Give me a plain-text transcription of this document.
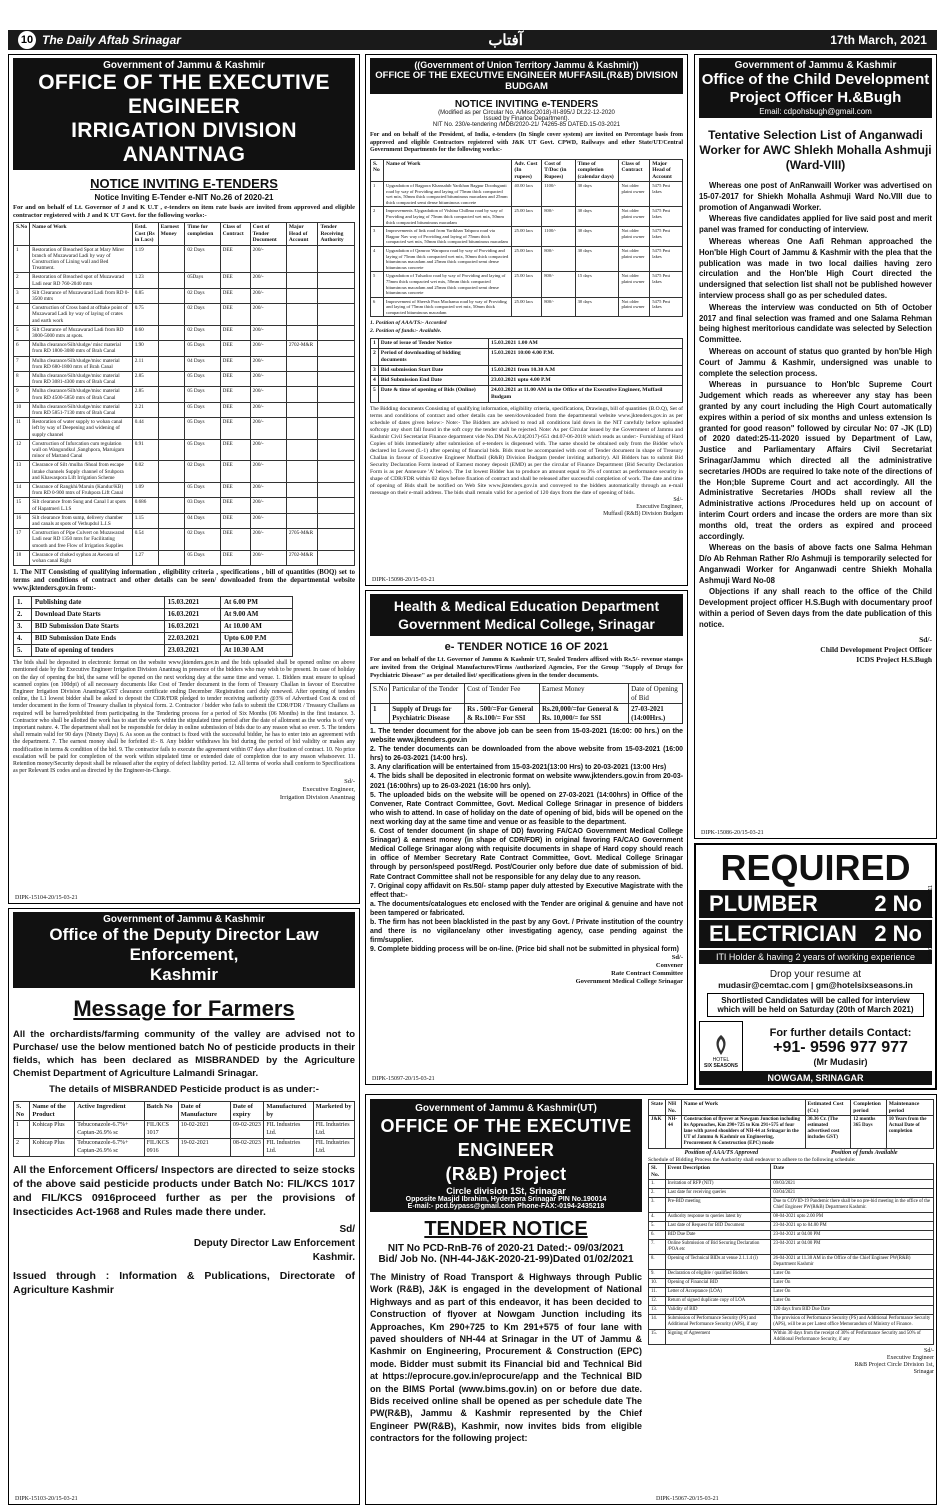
10 The Daily Aftab Srinagar	آفتاب	17th March, 2021
Government of Jammu & Kashmir
OFFICE OF THE EXECUTIVE ENGINEER
IRRIGATION DIVISION ANANTNAG
NOTICE INVITING E-TENDERS
Notice Inviting E-Tender e-NIT No.26 of 2020-21
For and on behalf of Lt. Governor of J and K U.T , e-tenders on item rate basis are invited from approved and eligible contractor registered with J and K UT Govt. for the following works:-
S.No	Name of Work	Estd. Cost (Rs in Lacs)	Earnest Money	Time for completion	Class of Contract	Cost of Tender Document	Major Head of Account	Tender Receiving Authority
1	Restoration of Breached Spot at Mary Mirer branch of Muzawarad Ladi by way of Construction of Lining wall and Bed Treatment.	1.19		02 Days	DEE	200/-		
2	Restoration of Breached spot of Muzawarad Ladi near RD 760-2040 mtrs	1.23		05Days	DEE	200/-		
3	Silt Clearance of Muzawarad Ladi from RD 0-3500 mtrs	0.85		02 Days	DEE	200/-		
4	Construction of Cross band at offtake point of Muzawarad Ladi by way of laying of crates and earth work	0.75		02 Days	DEE	200/-		
5	Silt Clearance of Muzawarad Ladi from RD 3000-5000 mtrs at spots.	0.60		02 Days	DEE	200/-		
6	Mulba clearance/Silt/sludge/ misc material from RD 1800-3080 mtrs of Brah Canal	1.90		05 Days	DEE	200/-	2702-M&R	
7	Mulba clearance/Silt/sludge/misc material from RD 680-1800 mtrs of Brah Canal	2.11		04 Days	DEE	200/-		
8	Mulba clearance/Silt/sludge/misc material from RD 3081-4300 mtrs of Brah Canal	2.85		05 Days	DEE	200/-		
9	Mulba clearance/Silt/sludge/misc material from RD 4500-5850 mtrs of Brah Canal	2.85		05 Days	DEE	200/-		
10	Mulba clearance/Silt/sludge/misc material from RD 5851-7130 mtrs of Brah Canal	2.21		05 Days	DEE	200/-		
11	Restoration of water supply to wohan canal left by way of Deepening and widening of supply channel	0.44		05 Days	DEE	200/-		
12	Construction of Infurcation cum regulation wall on Wangundkul ,Sanghpora, Maruigam minor of Martand Canal	0.91		05 Days	DEE	200/-		
13	Clearance of Silt /mulba /Shoal from escape intake channels Supply channel of Sruhpora and Khawaspora Lift Irrigation Scheme	0.02		02 Days	DEE	200/-		
14	Clearance of Rangkhi/Maruin (Kandur/KB) from RD 0-900 mtrs of Fruhpora Lift Canal	1.09		05 Days	DEE	200/-		
15	Silt clearance from Sung and Canal I at spots of Hapatmeri L.I.S	0.686		03 Days	DEE	200/-		
16	Silt clearance from sump, delivery chamber and canals at spots of Vethupdul L.I.S	1.15		04 Days	DEE	200/-		
17	Construction of Pipe Culvert on Muzawarad Ladi near RD 1350 mtrs for Facilitating smooth and free Flow of Irrigation Supplies	0.54		02 Days	DEE	200/-	2705-M&R	
18	Clearance of choked syphon at Awoora of wohan canal Right	1.27		05 Days	DEE	200/-	2702-M&R	
1. The NIT Consisting of qualifying information , eligibility criteria , specifications , bill of quantities (BOQ) set to terms and conditions of contract and other details can be seen/ downloaded from the departmental website www.jktenders.gov.in from:-
1.	Publishing date	15.03.2021	At 6.00 PM
2.	Download Date Starts	16.03.2021	At 9.00 AM
3.	BID Submission Date Starts	16.03.2021	At 10.00 AM
4.	BID Submission Date Ends	22.03.2021	Upto 6.00 P.M
5.	Date of opening of tenders	23.03.2021	At 10.30 A.M
The bids shall be deposited in electronic format on the website www.jktenders.gov.in and the bids uploaded shall be opened online on above mentioned date by the Executive Engineer Irrigation Division Anantnag in presence of the bidders who may wish to be present. In case of holiday on the day of opening the bid, the same will be opened on the next working day at the same time and venue. 1. Bidders must ensure to upload scanned copies (on 100dpi) of all necessary documents like Cost of Tender document in the form of Treasury Challan in favour of Executive Engineer Irrigation Division Anantnag/GST clearance certificate ending December /Registration card duly renewed. After opening of tenders online, the L1 lowest bidder shall be asked to deposit the CDR/FDR pledged to tender receiving authority @3% of Advertised Cost & cost of tender document in the form of Treasury challan in physical form. 2. Contractor / bidder who fails to submit the CDR/FDR / Treasury Challans as required will be barred/prohibited from participating in the Tendering process for a period of Six Months (06 Months) in the first instance. 3. Contractor who shall be allotted the work has to start the work within the stipulated time period after the date of allotment as the works is of very important nature. 4. The department shall not be responsible for delay in online submission of bids due to any reason what so ever. 5. The tenders shall remain valid for 90 days (Ninety Days) 6. As soon as the contract is fixed with the successful bidder, he has to enter into an agreement with the department. 7. The earnest money shall be forfeited if:- 8. Any bidder withdraws his bid during the period of bid validity or makes any modification in terms & condition of the bid. 9. The contractor fails to execute the agreement within 07 days after fixation of contract. 10. No price escalation will be paid for completion of the work within stipulated time or extended date of completion due to any reason whatsoever. 11. Retention money/Security deposit shall be released after the expiry of defect liability period. 12. All terms of works shall conform to Specifications as per Relevant IS codes and as directed by the Engineer-in-Charge.
Sd/-
Executive Engineer,
Irrigation Division Anantnag
DIPK-15104-20/15-03-21
((Government of Union Territory Jammu & Kashmir))
OFFICE OF THE EXECUTIVE ENGINEER MUFFASIL(R&B) DIVISION BUDGAM
NOTICE INVITING e-TENDERS
(Modified as per Circular No. A/Misc(2018)-III-895/J Dt.22-12-2020
Issued by Finance Department).
NIT No. 230/e-tendering /MDB/2020-21/ 74265-85 DATED.15-03-2021
For and on behalf of the President, of India, e-tenders (In Single cover system) are invited on Percentage basis from approved and eligible Contractors registered with J&K UT Govt. CPWD, Railways and other State/UT/Central Government Departments for the following works:-
S. No	Name of Work	Adv. Cost (In rupees)	Cost of T/Doc (in Rupees)	Time of completion (calendar days)	Class of Contract	Major Head of Account
1	Upgradation of Bagpora Khansahib Yarikhan Bagpur Dooduganti road by way of Providing and laying of 75mm thick compacted wet mix, 50mm thick compacted bituminous macadam and 25mm thick compacted semi dense bituminous concrete	40.00 lacs	1100/-	30 days	Not older plaint owner	5475 Pmt lakes
2	Improvements /Upgradation of Vishina Chillma road by way of Providing and laying of 75mm thick compacted wet mix, 50mm thick compacted bituminous macadam	25.00 lacs	800/-	30 days	Not older plaint owner	5475 Pmt lakes
3	Improvements of link road from Yarikhan Tahpora road via Bagpur Nav way of Providing and laying of 75mm thick compacted wet mix, 50mm thick compacted bituminous macadam	25.00 lacs	1100/-	30 days	Not older plaint owner	5475 Pmt lakes
4	Upgradation of Qamroo Warapora road by way of Providing and laying of 75mm thick compacted wet mix, 50mm thick compacted bituminous macadam and 25mm thick compacted semi dense bituminous concrete	25.00 lacs	800/-	30 days	Not older plaint owner	5475 Pmt lakes
5	Upgradation of Tulsadoo road by way of Providing and laying of 75mm thick compacted wet mix, 50mm thick compacted bituminous macadam and 25mm thick compacted semi dense bituminous concrete	25.00 lacs	800/-	15 days	Not older plaint owner	5475 Pmt lakes
6	Improvement of Sheesh Pora Machama road by way of Providing and laying of 75mm thick compacted wet mix, 50mm thick compacted bituminous macadam	25.00 lacs	800/-	30 days	Not older plaint owner	5475 Pmt lakes
1. Position of AAA/TS:- Accorded
2. Position of funds:- Available.
1	Date of issue of Tender Notice	15.03.2021 1.00 AM
2	Period of downloading of bidding documents	15.03.2021 10:00 4.00 P.M.
3	Bid submission Start Date	15.03.2021 from 10.30 A.M
4	Bid Submission End Date	23.03.2021 upto 4.00 P.M
5	Date & time of opening of Bids (Online)	24.03.2021 at 11.00 AM in the Office of the Executive Engineer, Muffasil Budgam
The Bidding documents Consisting of qualifying information, eligibility criteria, specifications, Drawings, bill of quantities (B.O.Q), Set of terms and conditions of contract and other details can be seen/downloaded from the departmental website www.jktenders.gov.in as per schedule of dates given below:- Note:- The Bidders are advised to read all conditions laid down in the NIT carefully before uploaded softcopy any short fall found in the soft copy the tender shall be rejected. Note: As per Circular issued by the Government of Jammu and Kashmir Civil Secretariat Finance department vide No.DM No.A/24(2017)-651 dtd.07-06-2018 which reads as under:- Furnishing of Hard Copies of bids immediately after submission of e-tenders is dispensed with. The same should be obtained only from the Bidder who's declared lst Lowest (L-1) after opening of financial bids. Bids must be accompanied with cost of Tender document in shape of Treasury Challan in favour of Executive Engineer Muffasil (R&B) Division Budgam (tender inviting authority). All Bidders has to submit Bid Security Declaration Form instead of Earnest money deposit (EMD) as per the circular of Finance Department (Bid Security Declaration Form is as per Annexure 'A' below). The 1st lowest Bidder has to produce an amount equal to 3% of contract as performance security in shape of CDR/FDR within 02 days before fixation of contract and shall be released after successful completion of work. The date and time of opening of Bids shall be notified on Web Site www.jktenders.gov.in and conveyed to the bidders automatically through an e-mail message on their e-mail address. The bids shall remain valid for a period of 120 days from the date of opening of bids.
Sd/-
Executive Engineer,
Muffasil (R&B) Division Budgam
DIPK-15098-20/15-03-21
Government of Jammu & Kashmir
Office of the Child Development
Project Officer H.&Bugh
Email: cdpohsbugh@gmail.com
Tentative Selection List of Anganwadi Worker for AWC Shlekh Mohalla Ashmuji (Ward-VIII)
Whereas one post of AnRanwaill Worker was advertised on 15-07-2017 for Shiekh Mohalla Ashmuji Ward No.VIII due to promotion of Anganwadi Worker.
Whereas five candidates applied for live said post and merit panel was framed for conducting of interview.
Whereas whereas One Aafi Rehman approached the Hon'ble High Court of Jammu & Kashmir with the plea that the publication was made in two local dailies having zero circulation and the Hon'ble High Court directed the undersigned that selection list shall not be published however interview process shall go as per scheduled dates.
Whereas the interview was conducted on 5th of October 2017 and final selection was framed and one Salama Rehman being highest meritorious candidate was selected by Selection Committee.
Whereas on account of status quo granted by hon'ble High Court of Jammu & Kashmir, undersigned was unable to complete the selection process.
Whereas in pursuance to Hon'blc Supreme Court Judgement which reads as whereever any stay has been granted by any court including the High Court automatically expires within a period of six months and unless extension Is granted for good reason" followed by circular No: 07 -JK (LD) of 2020 dated:25-11-2020 issued by Department of Law, Justice and Parliamentary Affairs Civil Secretariat Srinagar/Jammu which directed all the administrative secretaries /HODs are required lo take note of the directions of the Hon;ble Supreme Court and act accordingly. All the Administrative Secretaries /HODs shall review all the Administrative actions /Procedures held up on account of interim Court orders and incase the orders are more than six months old, treat the orders as expired and proceed accordingly.
Whereas on the basis of above facts one Salma Hehman D/o Ab Rehman Rather R/o Ashmuji is temporarily selected for Anganwadi Worker for Anganwadi centre Shiekh Mohalla Ashmuji Ward No-08
Objections if any shall reach to the office of the Child Development project officer H.S.Bugh with documentary proof within a period of Seven days from the date publication of this notice.
Sd/-
Child Development Project Officer
ICDS Project H.S.Bugh
DIPK-15086-20/15-03-21
REQUIRED
PLUMBER	2 No
ELECTRICIAN 2 No
ITI Holder & having 2 years of working experience
Drop your resume at
mudasir@cemtac.com | gm@hotelsixseasons.in
Shortlisted Candidates will be called for interview which will be held on Saturday (20th of March 2021)
HOTEL
SIX SEASONS
For further details Contact:
+91- 9596 977 977
(Mr Mudasir)
NOWGAM, SRINAGAR
SPECTRUM Ads | 9419065311
Health & Medical Education Department
Government Medical College, Srinagar
e- TENDER NOTICE 16 OF 2021
For and on behalf of the Lt. Governor of Jammu & Kashmir UT, Sealed Tenders affixed with Rs.5/- revenue stamps are invited from the Original Manufactures/Firms /authorized Agencies, For the Group "Supply of Drugs for Psychiatric Disease" as per detailed list/ specifications given in the tender documents.
S.No	Particular of the Tender	Cost of Tender Fee	Earnest Money	Date of Opening of Bid
1	Supply of Drugs for Psychiatric Disease	Rs . 500/=For General & Rs.100/= For SSI	Rs.20,000/=for General & Rs. 10,000/= for SSI	27-03-2021 (14:00Hrs.)
1. The tender document for the above job can be seen from 15-03-2021 (16:00: 00 hrs.) on the website www.jktenders.gov.in
2. The tender documents can be downloaded from the above website from 15-03-2021 (16:00 hrs) to 26-03-2021 (14:00 hrs).
3. Any clarification will be entertained from 15-03-2021(13:00 Hrs) to 20-03-2021 (13:00 Hrs)
4. The bids shall be deposited in electronic format on website www.jktenders.gov.in from 20-03-2021 (16:00hrs) up to 26-03-2021 (16:00 hrs only).
5. The uploaded bids on the website will be opened on 27-03-2021 (14:00hrs) in Office of the Convener, Rate Contract Committee, Govt. Medical College Srinagar in presence of bidders who wish to attend. In case of holiday on the date of opening of bid, bids will be opened on the next working day at the same time and venue or as feasible to the department.
6. Cost of tender document (in shape of DD) favoring FA/CAO Government Medical College Srinagar) & earnest money (in shape of CDR/FDR) in original favoring FA/CAO Government Medical College Srinagar along with requisite documents in shape of Hard copy should reach in office of Member Secretary Rate Contract Committee, Govt. Medical College Srinagar through by person/speed post/Regd. Post/Courier only before due date of submission of bid. Rate Contract Committee shall not be responsible for any delay due to any reason.
7. Original copy affidavit on Rs.50/- stamp paper duly attested by Executive Magistrate with the effect that:-
a. The documents/catalogues etc enclosed with the Tender are original & genuine and have not been tampered or fabricated.
b. The firm has not been blacklisted in the past by any Govt. / Private institution of the country and there is no vigilance/any other investigating agency, case pending against the firm/supplier.
9. Complete bidding process will be on-line. (Price bid shall not be submitted in physical form)
Sd/-
Convener
Rate Contract Committee
Government Medical College Srinagar
DIPK-15097-20/15-03-21
Government of Jammu & Kashmir
Office of the Deputy Director Law Enforcement,
Kashmir
Message for Farmers
All the orchardists/farming community of the valley are advised not to Purchase/ use the below mentioned batch No of pesticide products in their fields, which has been declared as MISBRANDED by the Agriculture Chemist Department of Agriculture Lalmandi Srinagar.
The details of MISBRANDED Pesticide product is as under:-
S. No	Name of the Product	Active Ingredient	Batch No	Date of Manufacture	Date of expiry	Manufactured by	Marketed by
1	Kohicap Plus	Tebuconazole-6.7%+ Captan-26.9% sc	FIL/KCS 1017	10-02-2021	09-02-2023	FIL Industries Ltd.	FIL Industries Ltd.
2	Kohicap Plus	Tebuconazole-6.7%+ Captan-26.9% sc	FIL/KCS 0916	19-02-2021	08-02-2023	FIL Industries Ltd.	FIL Industries Ltd.
All the Enforcement Officers/ Inspectors are directed to seize stocks of the above said pesticide products under Batch No: FIL/KCS 1017 and FIL/KCS 0916proceed further as per the provisions of Insecticides Act-1968 and Rules made there under.
Sd/
Deputy Director Law Enforcement
Kashmir.
Issued through : Information & Publications, Directorate of Agriculture Kashmir
DIPK-15103-20/15-03-21
Government of Jammu & Kashmir(UT)
OFFICE OF THE EXECUTIVE ENGINEER
(R&B) Project
Circle division 1St, Srinagar
Opposite Masjid Ibrahim, Hyderpora Srinagar PIN No.190014
E-mail:- pcd.bypass@gmail.com Phone-FAX:-0194-2435218
TENDER NOTICE
NIT No PCD-RnB-76 of 2020-21 Dated:- 09/03/2021
Bid/ Job No. (NH-44-J&K-2020-21-99)Dated 01/02/2021
The Ministry of Road Transport & Highways through Public Work (R&B), J&K is engaged in the development of National Highways and as part of this endeavor, it has been decided to Construction of flyover at Nowgam Junction including its Approaches, Km 290+725 to Km 291+575 of four lane with paved shoulders of NH-44 at Srinagar in the UT of Jammu & Kashmir on Engineering, Procurement & Construction (EPC) mode. Bidder must submit its Financial bid and Technical Bid at https://eprocure.gov.in/eprocure/app and the Technical BID on the BIMS Portal (www.bims.gov.in) on or before due date. Bids received online shall be opened as per schedule date The PW(R&B), Jammu & Kashmir represented by the Chief Engineer PW(R&B), Kashmir, now invites bids from eligible contractors for the following project:
State	NH No.	Name of Work	Estimated Cost (Cr.)	Completion period	Maintenance period
J&K	NH-44	Construction of flyover at Nowgam Junction including its Approaches, Km 290+725 to Km 291+575 of four lane with paved shoulders of NH-44 at Srinagar in the UT of Jammu & Kashmir on Engineering, Procurement & Construction (EPC) mode	30.36 Cr. (The estimated advertised cost includes GST)	12 months 365 Days	10 Years from the Actual Date of completion
Position of AAA/TS Approved	Position of funds Available
Schedule of Bidding Process the Authority shall endeavor to adhere to the following schedule:
Sl. No.	Event Description	Date
1.	Invitation of RFP (NIT)	09/03/2021
2.	Last date for receiving queries	03/04/2021
3.	Pre-BID meeting	Due to COVID-19 Pandemic there shall be no pre-bid meeting in the office of the Chief Engineer PW(R&B) Department Kashmir.
4.	Authority response to queries latest by	08-04-2021 upto 2.00 PM
5.	Last date of Request for BID Document	23-04-2021 up to 04.00 PM
6.	BID Due Date	23-04-2021 at 04.00 PM
7.	Online Submission of Bid Securing Declaration /POA etc	23-04-2021 at 04.00 PM
8.	Opening of Technical BIDs at venue 2.1.1.4 (i)	26-04-2021 at 11.30 AM in the Office of the Chief Engineer PW(R&B) Department Kashmir
9.	Declaration of eligible / qualified Bidders	Later On
10.	Opening of Financial BID	Later On
11.	Letter of Acceptance (LOA)	Later On
12.	Return of signed duplicate copy of LOA	Later On
13.	Validity of BID	120 days from BID Due Date
14.	Submission of Performance Security (PS) and Additional Performance Security (APS), if any	The provision of Performance Security (PS) and Additional Performance Security (APS), will be as per Latest office Memorandum of Ministry of Finance.
15.	Signing of Agreement	Within 30 days from the receipt of 30% of Performance Security and 50% of Additional Performance Security, if any
Sd/-
Executive Engineer
R&B Project Circle Division 1st,
Srinagar
DIPK-15067-20/15-03-21
